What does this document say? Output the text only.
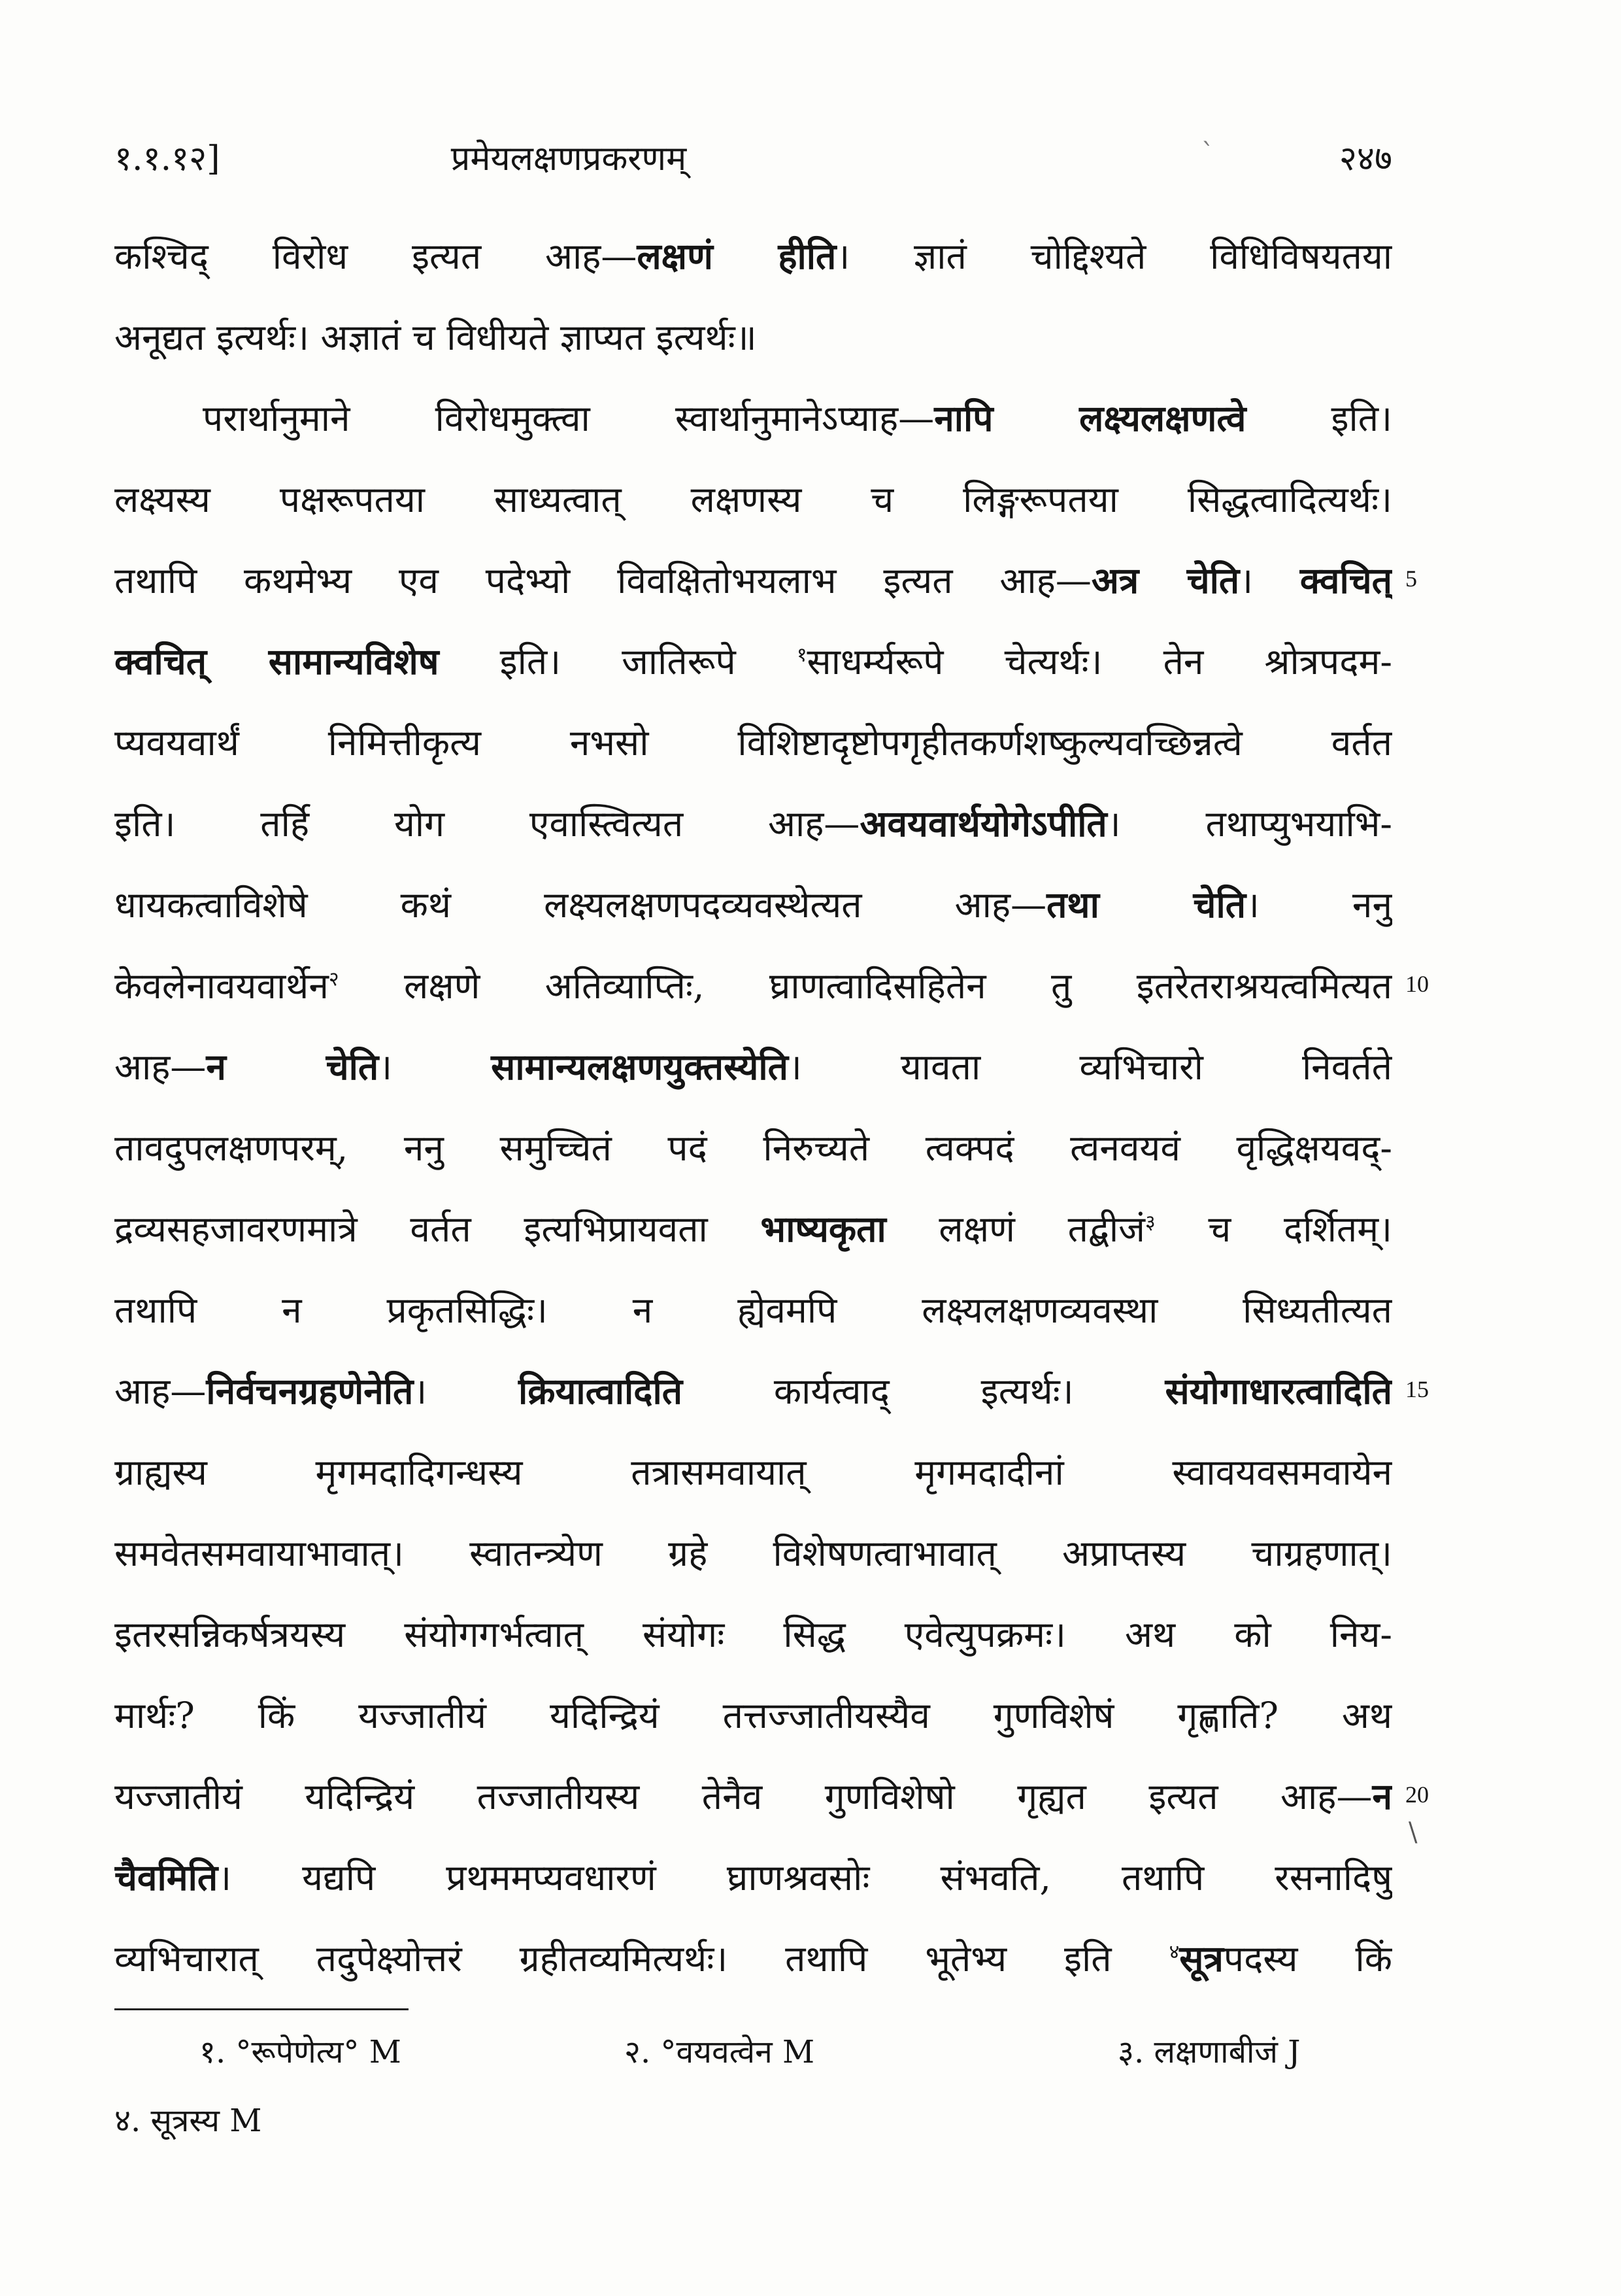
१.१.१२]	प्रमेयलक्षणप्रकरणम्	`	२४७
कश्चिद् विरोध इत्यत आह—लक्षणं हीति। ज्ञातं चोद्दिश्यते विधिविषयतया
अनूद्यत इत्यर्थः। अज्ञातं च विधीयते ज्ञाप्यत इत्यर्थः॥
परार्थानुमाने विरोधमुक्त्वा स्वार्थानुमानेऽप्याह—नापि लक्ष्यलक्षणत्वे इति।
लक्ष्यस्य पक्षरूपतया साध्यत्वात् लक्षणस्य च लिङ्गरूपतया सिद्धत्वादित्यर्थः।
तथापि कथमेभ्य एव पदेभ्यो विवक्षितोभयलाभ इत्यत आह—अत्र चेति। क्वचित्
क्वचित् सामान्यविशेष इति। जातिरूपे $^१$साधर्म्यरूपे चेत्यर्थः। तेन श्रोत्रपदम-
प्यवयवार्थं निमित्तीकृत्य नभसो विशिष्टादृष्टोपगृहीतकर्णशष्कुल्यवच्छिन्नत्वे वर्तत
इति। तर्हि योग एवास्त्वित्यत आह—अवयवार्थयोगेऽपीति। तथाप्युभयाभि-
धायकत्वाविशेषे कथं लक्ष्यलक्षणपदव्यवस्थेत्यत आह—तथा चेति। ननु
केवलेनावयवार्थेन$^२$ लक्षणे अतिव्याप्तिः, घ्राणत्वादिसहितेन तु इतरेतराश्रयत्वमित्यत
आह—न चेति। सामान्यलक्षणयुक्तस्येति। यावता व्यभिचारो निवर्तते
तावदुपलक्षणपरम्, ननु समुच्चितं पदं निरुच्यते त्वक्पदं त्वनवयवं वृद्धिक्षयवद्-
द्रव्यसहजावरणमात्रे वर्तत इत्यभिप्रायवता भाष्यकृता लक्षणं तद्बीजं$^३$ च दर्शितम्।
तथापि न प्रकृतसिद्धिः। न ह्येवमपि लक्ष्यलक्षणव्यवस्था सिध्यतीत्यत
आह—निर्वचनग्रहणेनेति। क्रियात्वादिति कार्यत्वाद् इत्यर्थः। संयोगाधारत्वादिति
ग्राह्यस्य मृगमदादिगन्धस्य तत्रासमवायात् मृगमदादीनां स्वावयवसमवायेन
समवेतसमवायाभावात्। स्वातन्त्र्येण ग्रहे विशेषणत्वाभावात् अप्राप्तस्य चाग्रहणात्।
इतरसन्निकर्षत्रयस्य संयोगगर्भत्वात् संयोगः सिद्ध एवेत्युपक्रमः। अथ को निय-
मार्थः? किं यज्जातीयं यदिन्द्रियं तत्तज्जातीयस्यैव गुणविशेषं गृह्णाति? अथ
यज्जातीयं यदिन्द्रियं तज्जातीयस्य तेनैव गुणविशेषो गृह्यत इत्यत आह—न
चैवमिति। यद्यपि प्रथममप्यवधारणं घ्राणश्रवसोः संभवति, तथापि रसनादिषु
व्यभिचारात् तदुपेक्ष्योत्तरं ग्रहीतव्यमित्यर्थः। तथापि भूतेभ्य इति $^४$सूत्रपदस्य किं
5
10
15
20
\
१. °रूपेणेत्य° M	२. °वयवत्वेन M	३. लक्षणाबीजं J
४. सूत्रस्य M
